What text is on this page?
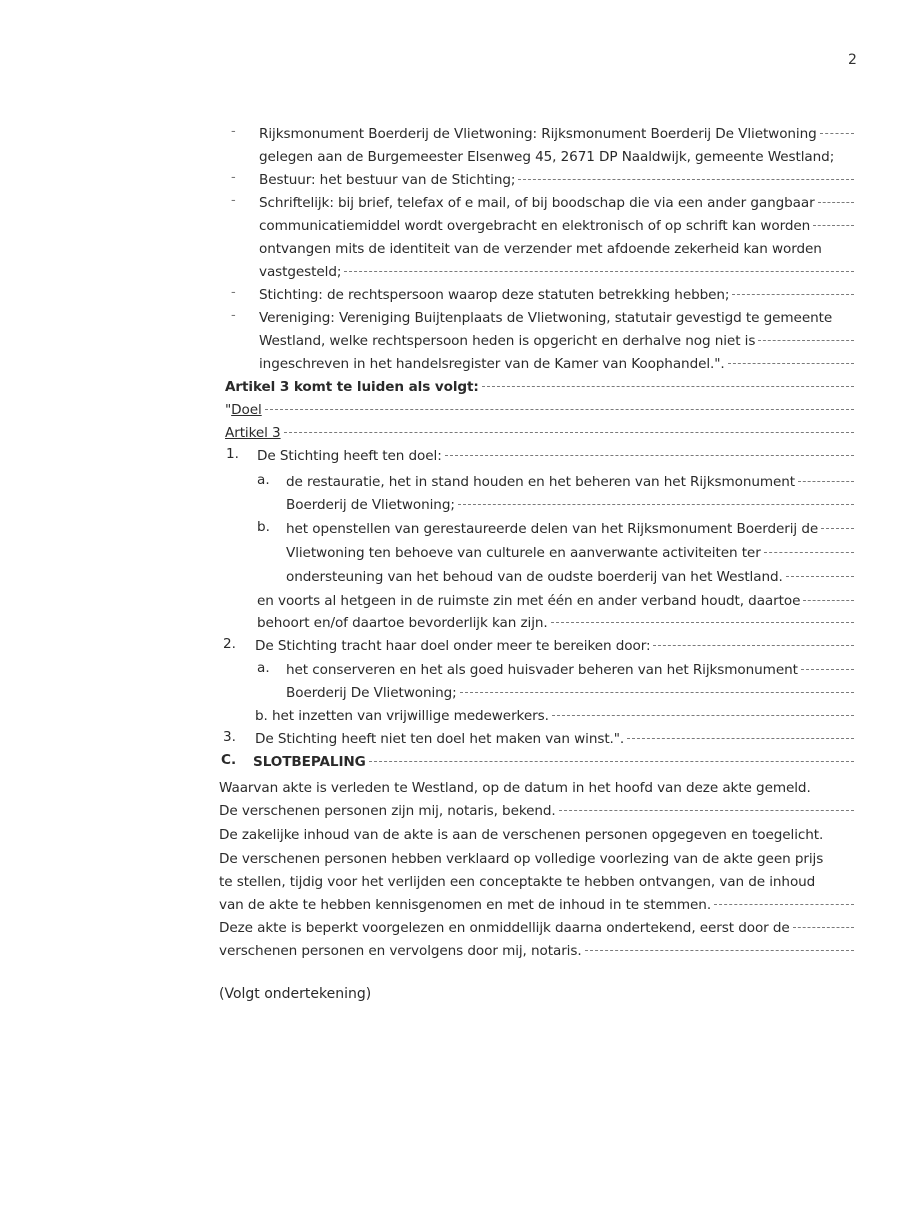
2
- Rijksmonument Boerderij de Vlietwoning: Rijksmonument Boerderij De Vlietwoning
gelegen aan de Burgemeester Elsenweg 45, 2671 DP Naaldwijk, gemeente Westland;
- Bestuur: het bestuur van de Stichting;
- Schriftelijk: bij brief, telefax of e mail, of bij boodschap die via een ander gangbaar
communicatiemiddel wordt overgebracht en elektronisch of op schrift kan worden
ontvangen mits de identiteit van de verzender met afdoende zekerheid kan worden
vastgesteld;
- Stichting: de rechtspersoon waarop deze statuten betrekking hebben;
- Vereniging: Vereniging Buijtenplaats de Vlietwoning, statutair gevestigd te gemeente
Westland, welke rechtspersoon heden is opgericht en derhalve nog niet is
ingeschreven in het handelsregister van de Kamer van Koophandel.".
Artikel 3 komt te luiden als volgt:
" Doel
Artikel 3
1. De Stichting heeft ten doel:
a. de restauratie, het in stand houden en het beheren van het Rijksmonument
Boerderij de Vlietwoning;
b. het openstellen van gerestaureerde delen van het Rijksmonument Boerderij de
Vlietwoning ten behoeve van culturele en aanverwante activiteiten ter
ondersteuning van het behoud van de oudste boerderij van het Westland.
en voorts al hetgeen in de ruimste zin met één en ander verband houdt, daartoe
behoort en/of daartoe bevorderlijk kan zijn.
2. De Stichting tracht haar doel onder meer te bereiken door:
a. het conserveren en het als goed huisvader beheren van het Rijksmonument
Boerderij De Vlietwoning;
b. het inzetten van vrijwillige medewerkers.
3. De Stichting heeft niet ten doel het maken van winst.".
C. SLOTBEPALING
Waarvan akte is verleden te Westland, op de datum in het hoofd van deze akte gemeld.
De verschenen personen zijn mij, notaris, bekend.
De zakelijke inhoud van de akte is aan de verschenen personen opgegeven en toegelicht.
De verschenen personen hebben verklaard op volledige voorlezing van de akte geen prijs
te stellen, tijdig voor het verlijden een conceptakte te hebben ontvangen, van de inhoud
van de akte te hebben kennisgenomen en met de inhoud in te stemmen.
Deze akte is beperkt voorgelezen en onmiddellijk daarna ondertekend, eerst door de
verschenen personen en vervolgens door mij, notaris.
(Volgt ondertekening)
